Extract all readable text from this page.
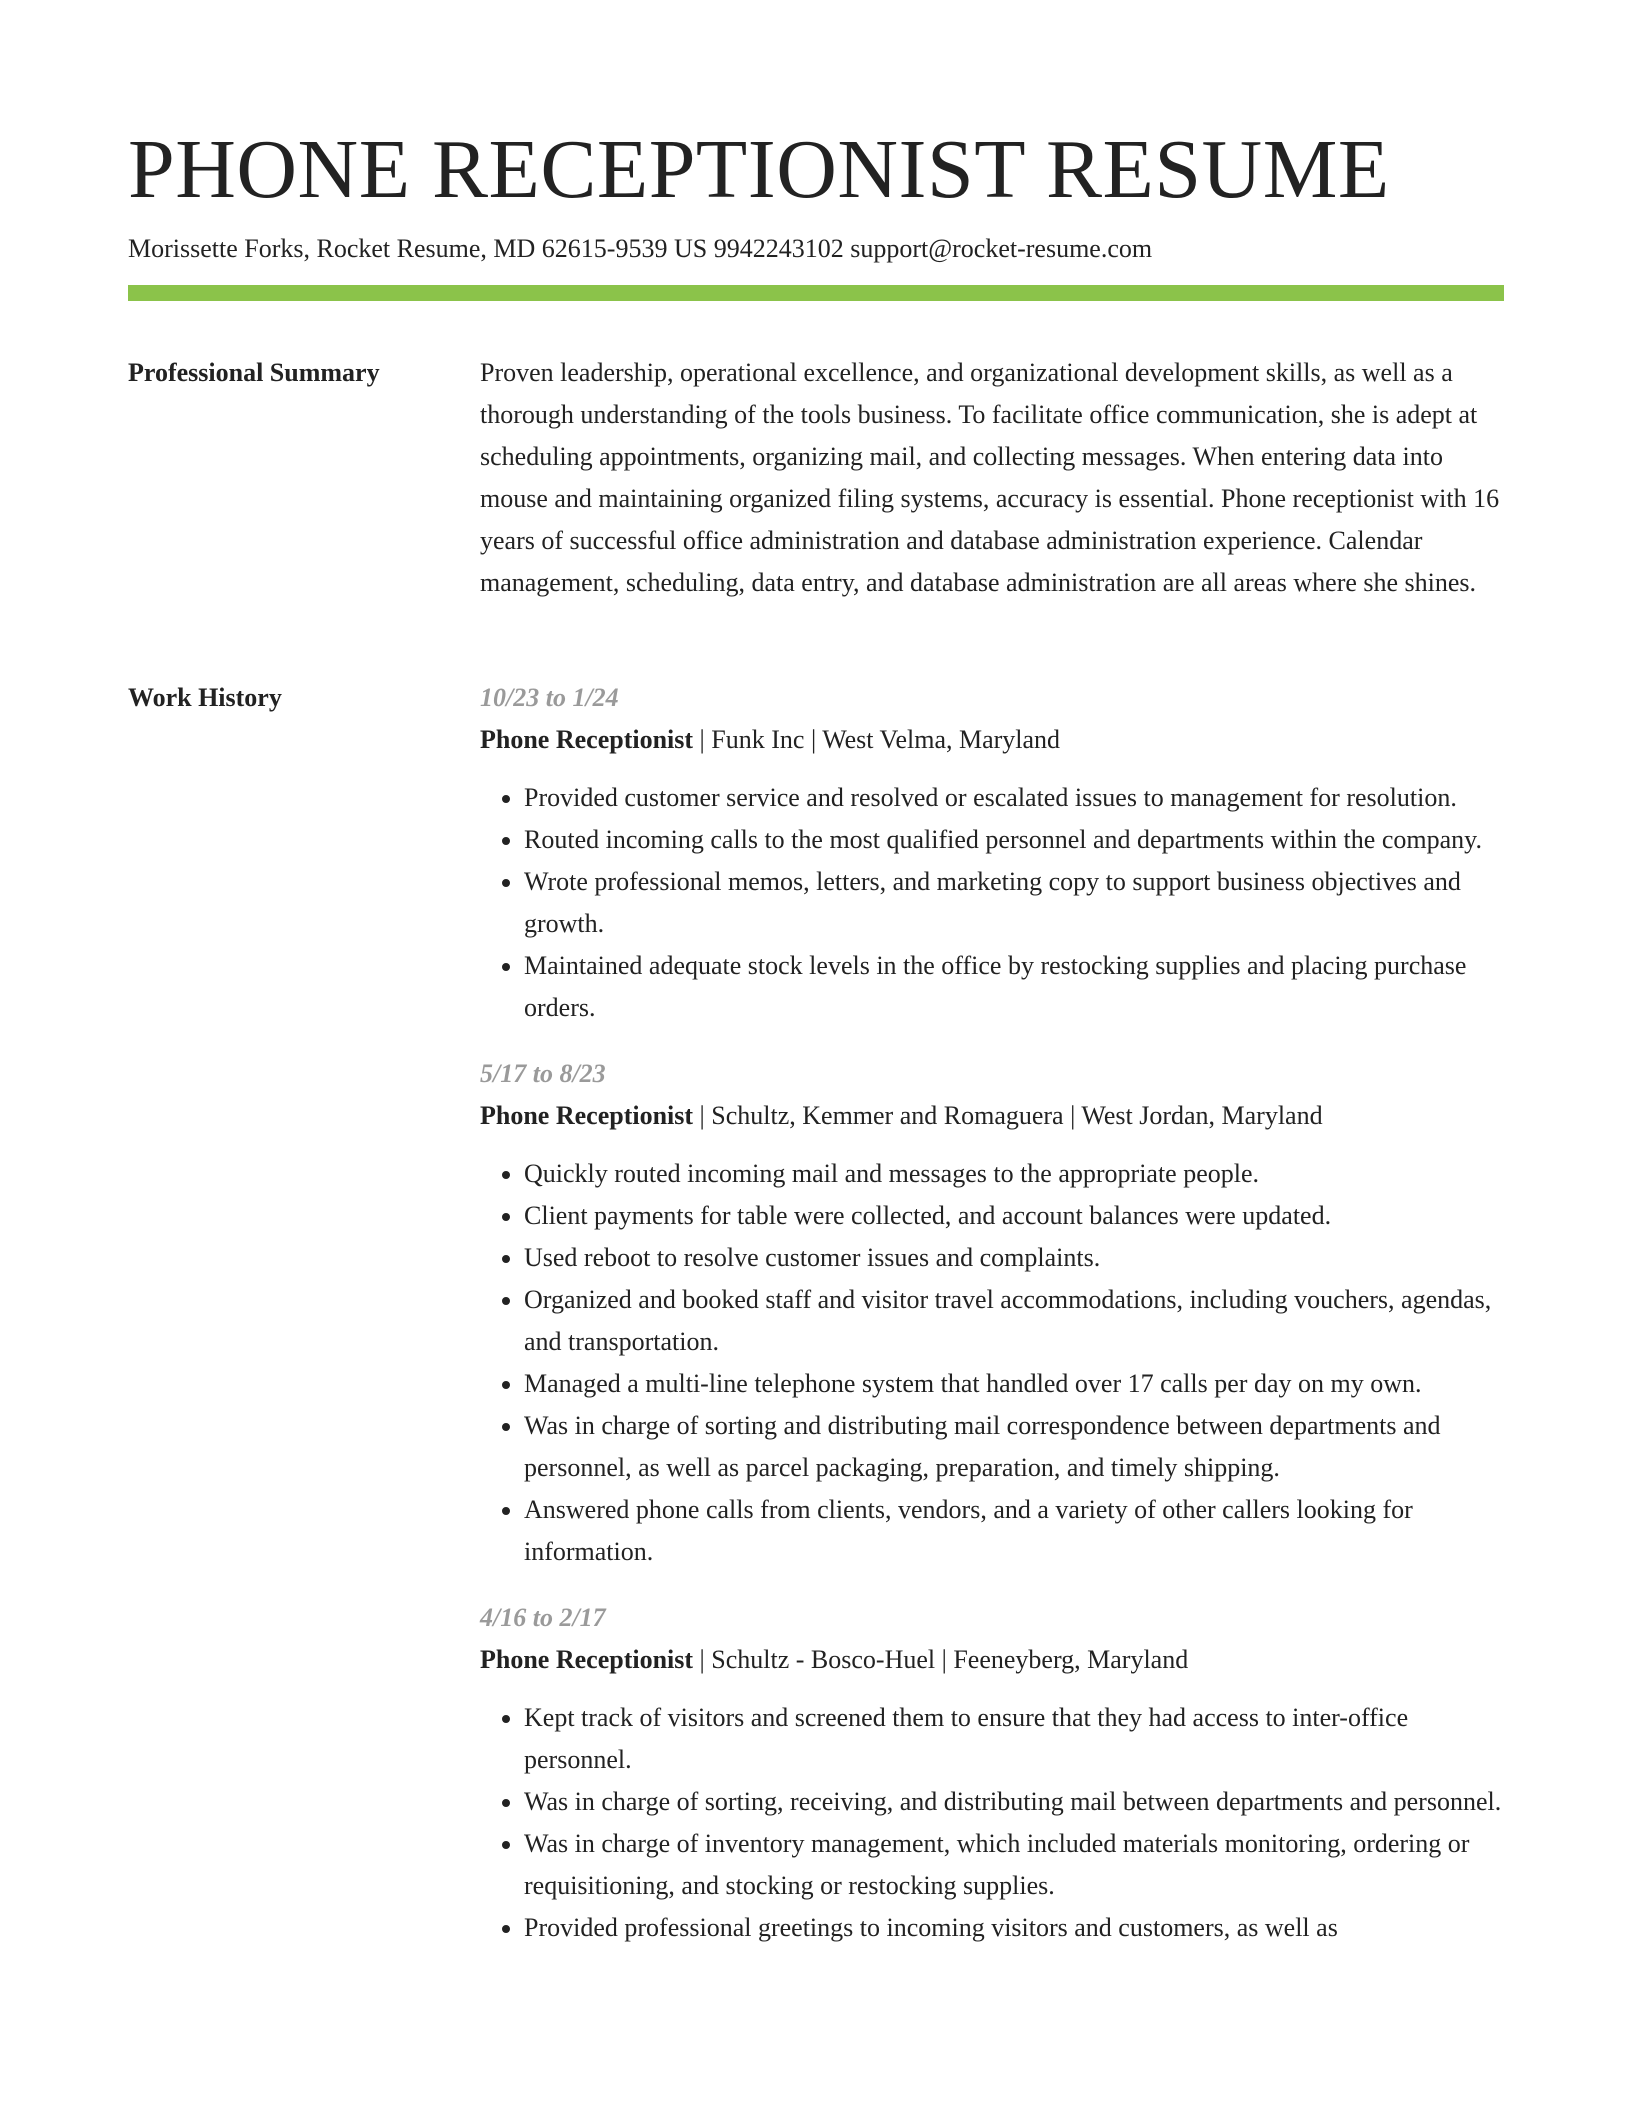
PHONE RECEPTIONIST RESUME
Morissette Forks, Rocket Resume, MD 62615-9539 US 9942243102 support@rocket-resume.com
Professional Summary	Proven leadership, operational excellence, and organizational development skills, as well as a thorough understanding of the tools business. To facilitate office communication, she is adept at scheduling appointments, organizing mail, and collecting messages. When entering data into mouse and maintaining organized filing systems, accuracy is essential. Phone receptionist with 16 years of successful office administration and database administration experience. Calendar management, scheduling, data entry, and database administration are all areas where she shines.

Work History	10/23 to 1/24
Phone Receptionist | Funk Inc | West Velma, Maryland
• Provided customer service and resolved or escalated issues to management for resolution.
• Routed incoming calls to the most qualified personnel and departments within the company.
• Wrote professional memos, letters, and marketing copy to support business objectives and growth.
• Maintained adequate stock levels in the office by restocking supplies and placing purchase orders.
5/17 to 8/23
Phone Receptionist | Schultz, Kemmer and Romaguera | West Jordan, Maryland
• Quickly routed incoming mail and messages to the appropriate people.
• Client payments for table were collected, and account balances were updated.
• Used reboot to resolve customer issues and complaints.
• Organized and booked staff and visitor travel accommodations, including vouchers, agendas, and transportation.
• Managed a multi-line telephone system that handled over 17 calls per day on my own.
• Was in charge of sorting and distributing mail correspondence between departments and personnel, as well as parcel packaging, preparation, and timely shipping.
• Answered phone calls from clients, vendors, and a variety of other callers looking for information.
4/16 to 2/17
Phone Receptionist | Schultz - Bosco-Huel | Feeneyberg, Maryland
• Kept track of visitors and screened them to ensure that they had access to inter-office personnel.
• Was in charge of sorting, receiving, and distributing mail between departments and personnel.
• Was in charge of inventory management, which included materials monitoring, ordering or requisitioning, and stocking or restocking supplies.
• Provided professional greetings to incoming visitors and customers, as well as
